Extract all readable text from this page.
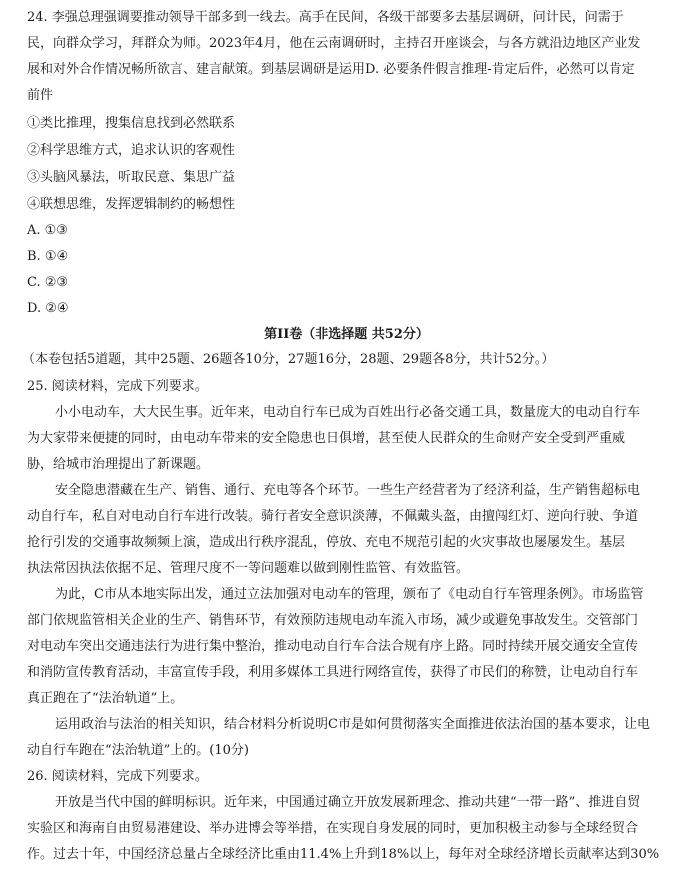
24. 李强总理强调要推动领导干部多到一线去。高手在民间，各级干部要多去基层调研，问计民，问需于
民，向群众学习，拜群众为师。2023年4月，他在云南调研时，主持召开座谈会，与各方就沿边地区产业发
展和对外合作情况畅所欲言、建言献策。到基层调研是运用D. 必要条件假言推理-肯定后件，必然可以肯定
前件
①类比推理，搜集信息找到必然联系
②科学思维方式，追求认识的客观性
③头脑风暴法，听取民意、集思广益
④联想思维，发挥逻辑制约的畅想性
A. ①③
B. ①④
C. ②③
D. ②④
第II卷（非选择题 共52分）
（本卷包括5道题，其中25题、26题各10分，27题16分，28题、29题各8分，共计52分。）
25. 阅读材料，完成下列要求。
小小电动车，大大民生事。近年来，电动自行车已成为百姓出行必备交通工具，数量庞大的电动自行车
为大家带来便捷的同时，由电动车带来的安全隐患也日俱增，甚至使人民群众的生命财产安全受到严重威
胁，给城市治理提出了新课题。
安全隐患潜藏在生产、销售、通行、充电等各个环节。一些生产经营者为了经济利益，生产销售超标电
动自行车，私自对电动自行车进行改装。骑行者安全意识淡薄，不佩戴头盔，由擅闯红灯、逆向行驶、争道
抢行引发的交通事故频频上演，造成出行秩序混乱，停放、充电不规范引起的火灾事故也屡屡发生。基层
执法常因执法依据不足、管理尺度不一等问题难以做到刚性监管、有效监管。
为此，C市从本地实际出发，通过立法加强对电动车的管理，颁布了《电动自行车管理条例》。市场监管
部门依规监管相关企业的生产、销售环节，有效预防违规电动车流入市场，减少或避免事故发生。交管部门
对电动车突出交通违法行为进行集中整治，推动电动自行车合法合规有序上路。同时持续开展交通安全宣传
和消防宣传教育活动，丰富宣传手段，利用多媒体工具进行网络宣传，获得了市民们的称赞，让电动自行车
真正跑在了“法治轨道”上。
运用政治与法治的相关知识，结合材料分析说明C市是如何贯彻落实全面推进依法治国的基本要求，让电
动自行车跑在“法治轨道”上的。(10分)
26. 阅读材料，完成下列要求。
开放是当代中国的鲜明标识。近年来，中国通过确立开放发展新理念、推动共建“一带一路”、推进自贸
实验区和海南自由贸易港建设、举办进博会等举措，在实现自身发展的同时，更加积极主动参与全球经贸合
作。过去十年，中国经济总量占全球经济比重由11.4%上升到18%以上，每年对全球经济增长贡献率达到30%
